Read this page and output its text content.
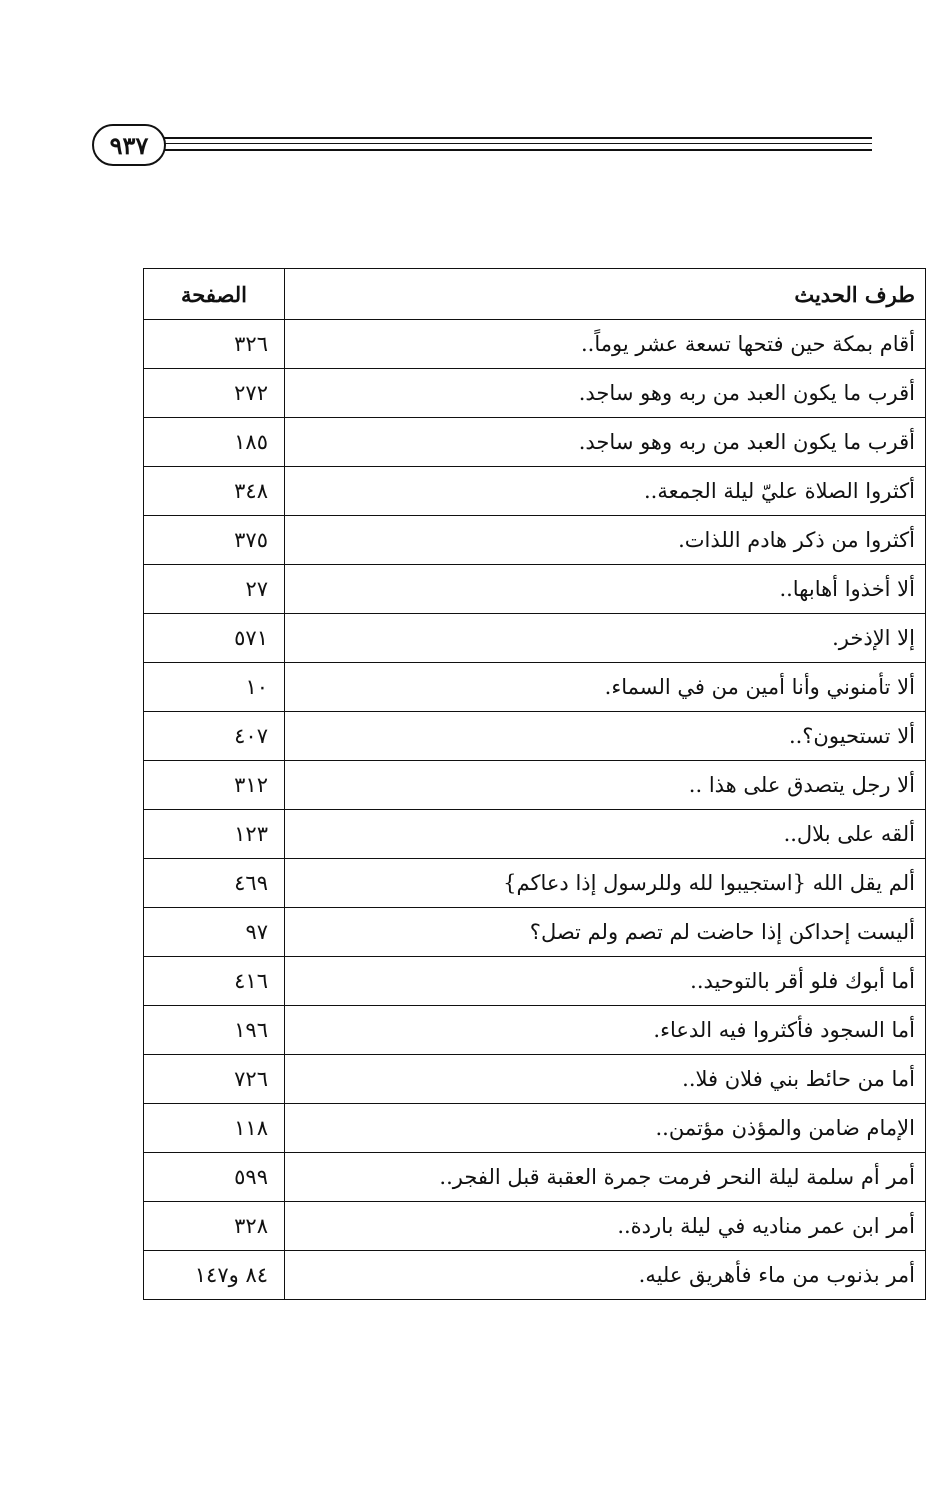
٩٣٧
طرف الحديث	الصفحة
أقام بمكة حين فتحها تسعة عشر يوماً..	٣٢٦
أقرب ما يكون العبد من ربه وهو ساجد.	٢٧٢
أقرب ما يكون العبد من ربه وهو ساجد.	١٨٥
أكثروا الصلاة عليّ ليلة الجمعة..	٣٤٨
أكثروا من ذكر هادم اللذات.	٣٧٥
ألا أخذوا أهابها..	٢٧
إلا الإذخر.	٥٧١
ألا تأمنوني وأنا أمين من في السماء.	١٠
ألا تستحيون؟..	٤٠٧
ألا رجل يتصدق على هذا ..	٣١٢
ألقه على بلال..	١٢٣
ألم يقل الله {استجيبوا لله وللرسول إذا دعاكم}	٤٦٩
أليست إحداكن إذا حاضت لم تصم ولم تصل؟	٩٧
أما أبوك فلو أقر بالتوحيد..	٤١٦
أما السجود فأكثروا فيه الدعاء.	١٩٦
أما من حائط بني فلان فلا..	٧٢٦
الإمام ضامن والمؤذن مؤتمن..	١١٨
أمر أم سلمة ليلة النحر فرمت جمرة العقبة قبل الفجر..	٥٩٩
أمر ابن عمر مناديه في ليلة باردة..	٣٢٨
أمر بذنوب من ماء فأهريق عليه.	٨٤ و١٤٧
